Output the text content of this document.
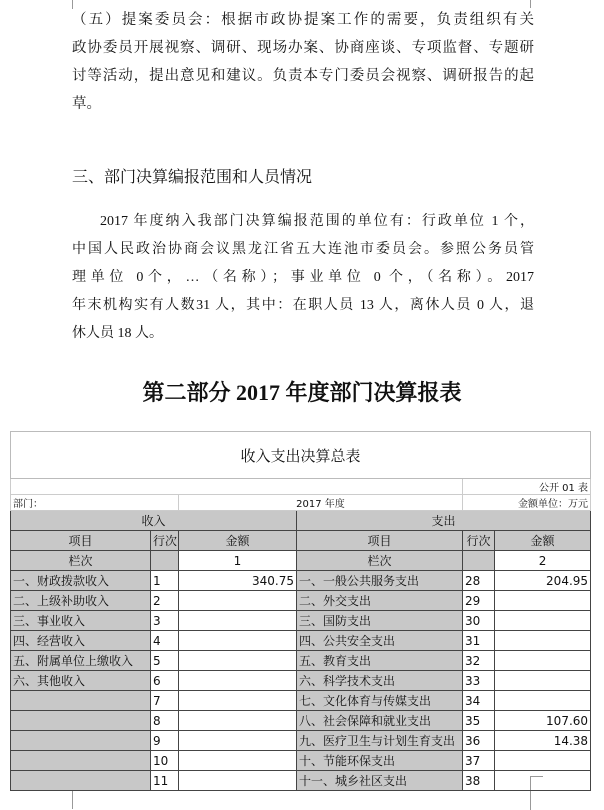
（五）提案委员会：根据市政协提案工作的需要，负责组织有关
政协委员开展视察、调研、现场办案、协商座谈、专项监督、专题研
讨等活动，提出意见和建议。负责本专门委员会视察、调研报告的起
草。
三、部门决算编报范围和人员情况
2017 年度纳入我部门决算编报范围的单位有：行政单位 1 个，
中国人民政治协商会议黑龙江省五大连池市委员会。参照公务员管
理单位 0个，…（名称）；事业单位 0 个，（名称）。2017
年末机构实有人数31 人，其中：在职人员 13 人，离休人员 0 人，退
休人员 18 人。
第二部分 2017 年度部门决算报表
收入支出决算总表					
				公开 01 表	
部门：		2017 年度		金额单位：万元	
收入			支出		
项目	行次	金额	项目	行次	金额
栏次		1	栏次		2
一、财政拨款收入	1	340.75	一、一般公共服务支出	28	204.95
二、上级补助收入	2		二、外交支出	29	
三、事业收入	3		三、国防支出	30	
四、经营收入	4		四、公共安全支出	31	
五、附属单位上缴收入	5		五、教育支出	32	
六、其他收入	6		六、科学技术支出	33	
	7		七、文化体育与传媒支出	34	
	8		八、社会保障和就业支出	35	107.60
	9		九、医疗卫生与计划生育支出	36	14.38
	10		十、节能环保支出	37	
	11		十一、城乡社区支出	38	
